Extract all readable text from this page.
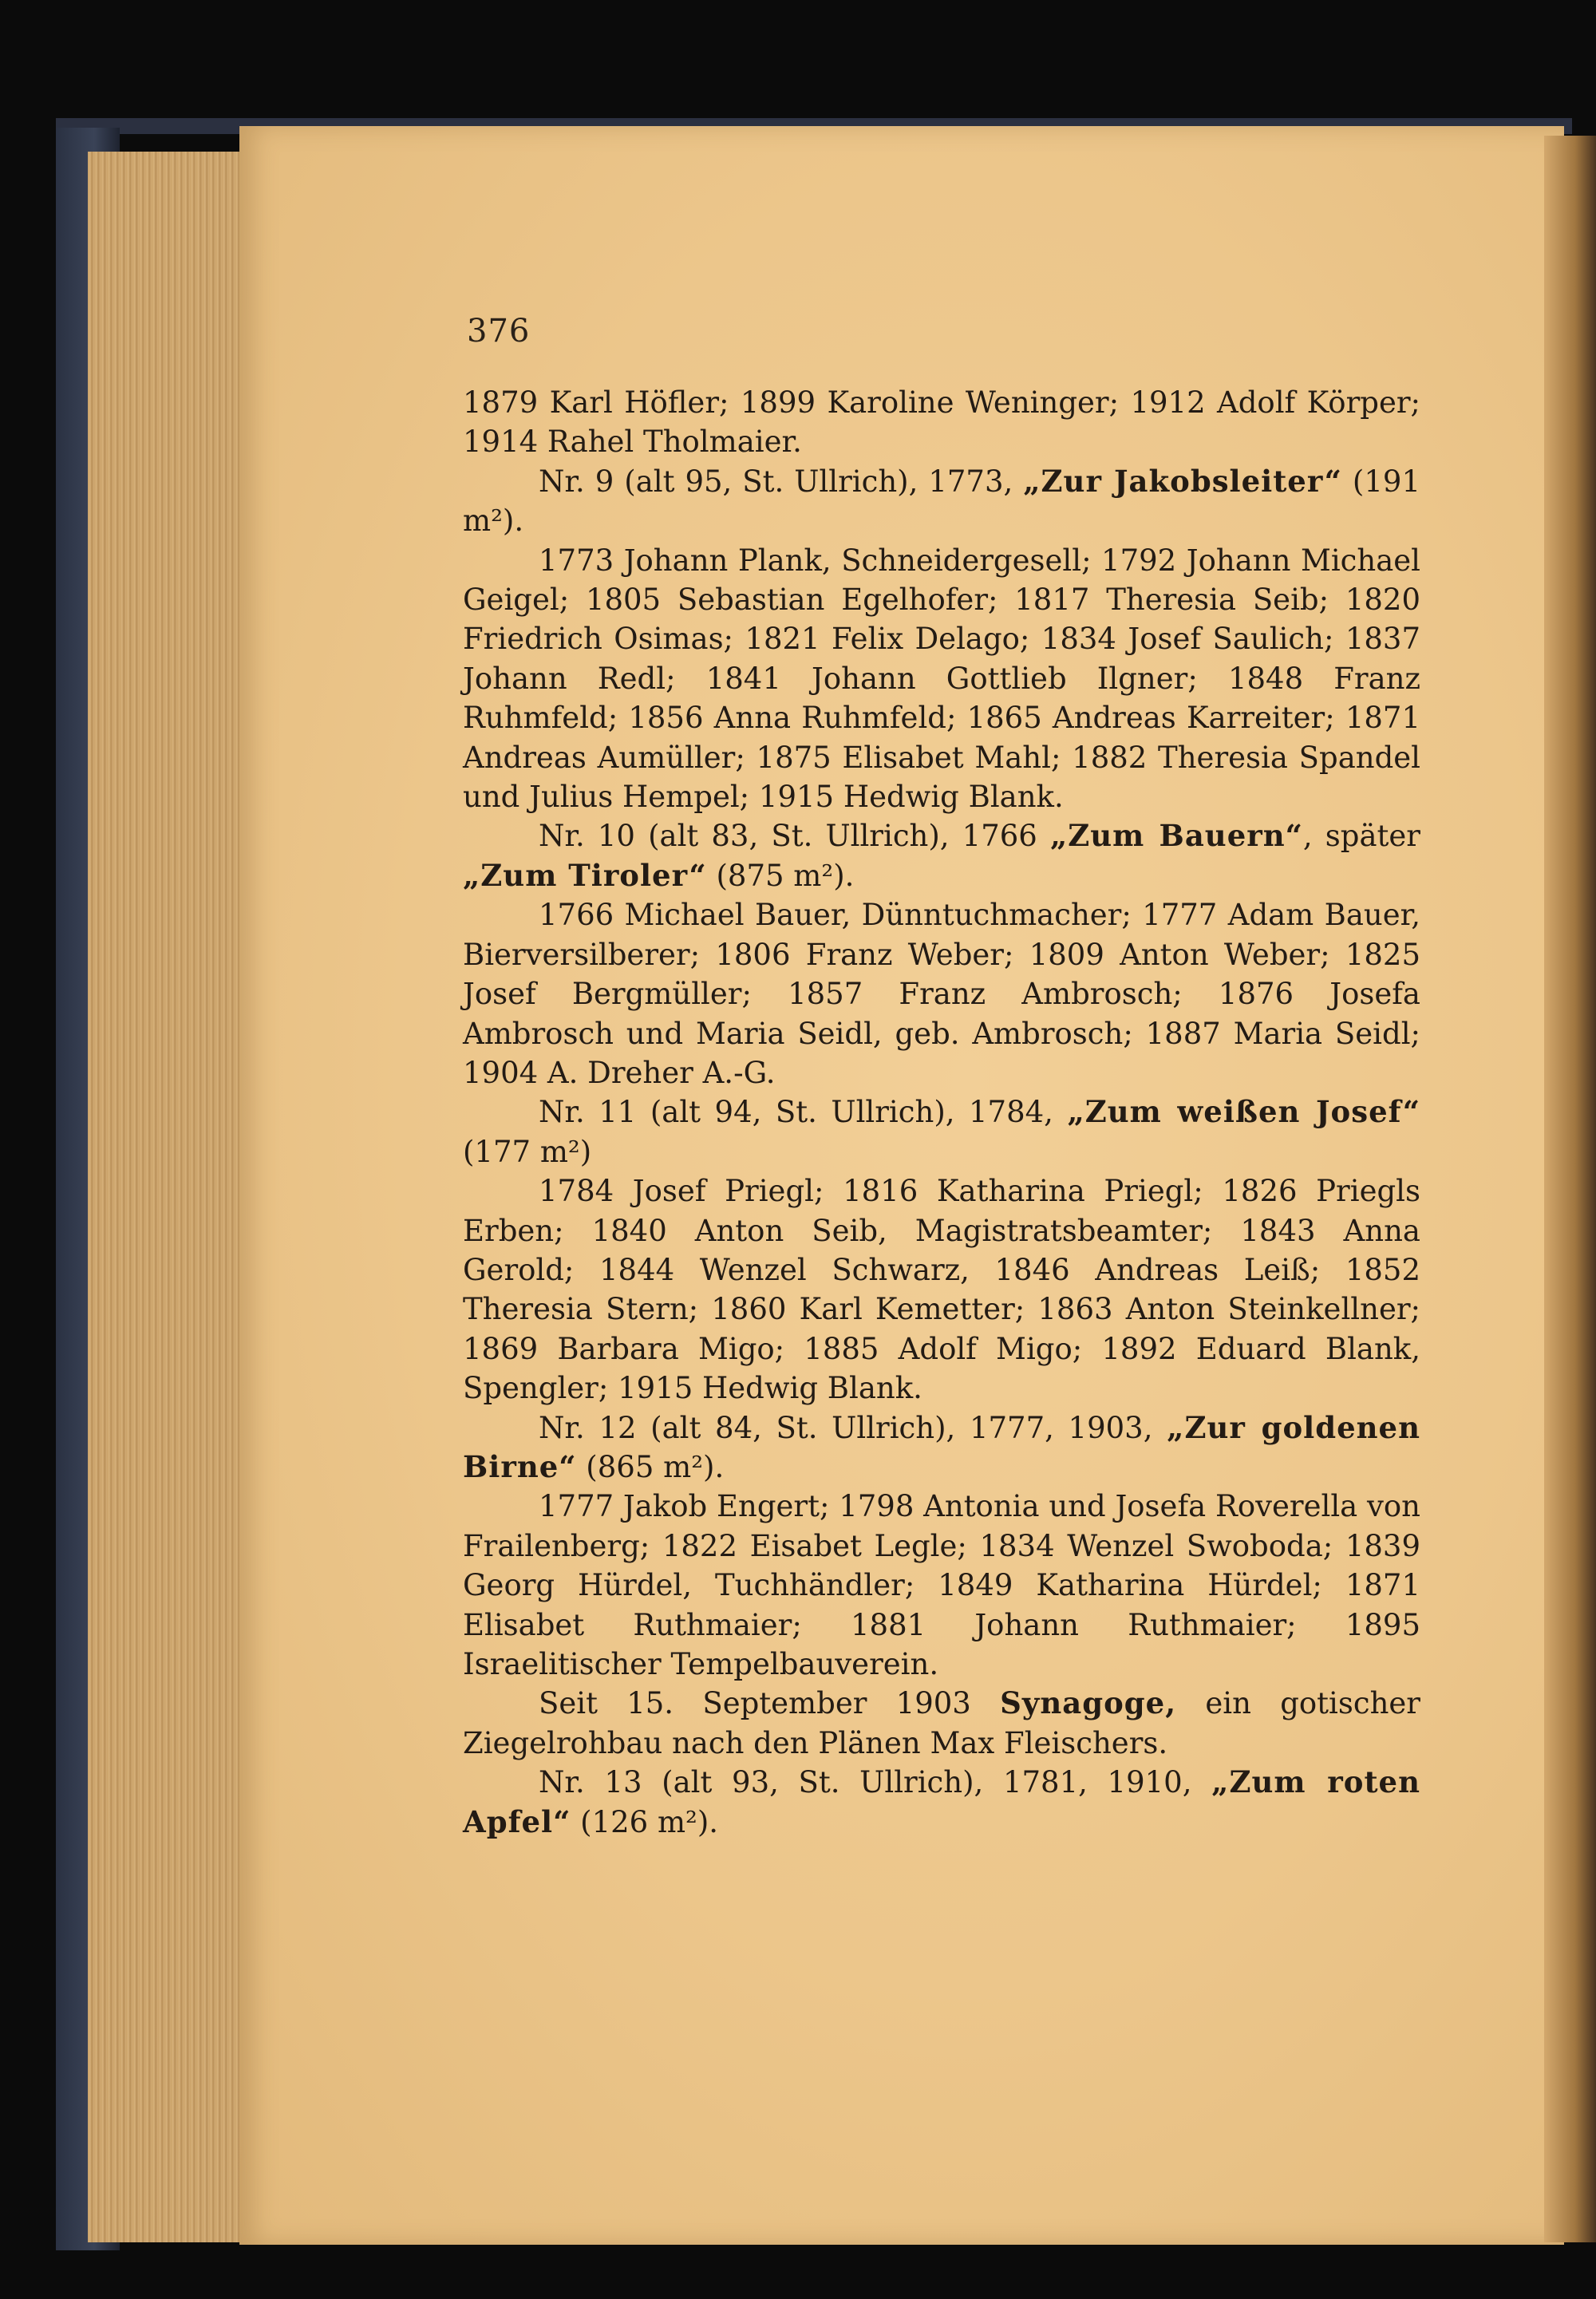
376

1879 Karl Höfler; 1899 Karoline Weninger; 1912 Adolf Körper; 1914 Rahel Tholmaier.

Nr. 9 (alt 95, St. Ullrich), 1773, „Zur Jakobsleiter“ (191 m²).

1773 Johann Plank, Schneidergesell; 1792 Johann Michael Geigel; 1805 Sebastian Egelhofer; 1817 Theresia Seib; 1820 Friedrich Osimas; 1821 Felix Delago; 1834 Josef Saulich; 1837 Johann Redl; 1841 Johann Gottlieb Ilgner; 1848 Franz Ruhmfeld; 1856 Anna Ruhmfeld; 1865 Andreas Karreiter; 1871 Andreas Aumüller; 1875 Elisabet Mahl; 1882 Theresia Spandel und Julius Hempel; 1915 Hedwig Blank.

Nr. 10 (alt 83, St. Ullrich), 1766 „Zum Bauern“, später „Zum Tiroler“ (875 m²).

1766 Michael Bauer, Dünntuchmacher; 1777 Adam Bauer, Bierversilberer; 1806 Franz Weber; 1809 Anton Weber; 1825 Josef Bergmüller; 1857 Franz Ambrosch; 1876 Josefa Ambrosch und Maria Seidl, geb. Ambrosch; 1887 Maria Seidl; 1904 A. Dreher A.-G.

Nr. 11 (alt 94, St. Ullrich), 1784, „Zum weißen Josef“ (177 m²)

1784 Josef Priegl; 1816 Katharina Priegl; 1826 Priegls Erben; 1840 Anton Seib, Magistratsbeamter; 1843 Anna Gerold; 1844 Wenzel Schwarz, 1846 Andreas Leiß; 1852 Theresia Stern; 1860 Karl Kemetter; 1863 Anton Steinkellner; 1869 Barbara Migo; 1885 Adolf Migo; 1892 Eduard Blank, Spengler; 1915 Hedwig Blank.

Nr. 12 (alt 84, St. Ullrich), 1777, 1903, „Zur goldenen Birne“ (865 m²).

1777 Jakob Engert; 1798 Antonia und Josefa Roverella von Frailenberg; 1822 Eisabet Legle; 1834 Wenzel Swoboda; 1839 Georg Hürdel, Tuchhändler; 1849 Katharina Hürdel; 1871 Elisabet Ruthmaier; 1881 Johann Ruthmaier; 1895 Israelitischer Tempelbauverein.

Seit 15. September 1903 Synagoge, ein gotischer Ziegelrohbau nach den Plänen Max Fleischers.

Nr. 13 (alt 93, St. Ullrich), 1781, 1910, „Zum roten Apfel“ (126 m²).
